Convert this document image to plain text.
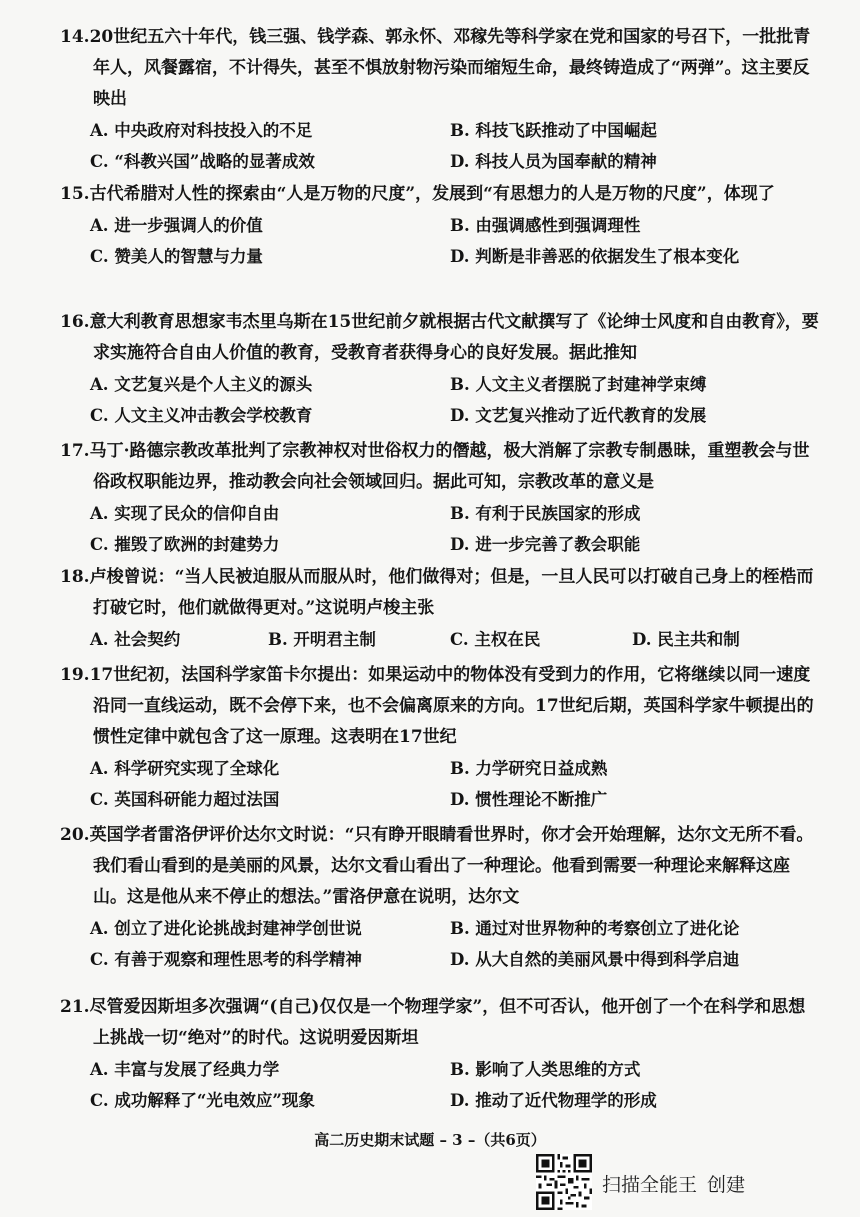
14.20世纪五六十年代，钱三强、钱学森、郭永怀、邓稼先等科学家在党和国家的号召下，一批批青年人，风餐露宿，不计得失，甚至不惧放射物污染而缩短生命，最终铸造成了“两弹”。这主要反映出

A. 中央政府对科技投入的不足	B. 科技飞跃推动了中国崛起
C. “科教兴国”战略的显著成效	D. 科技人员为国奉献的精神

15.古代希腊对人性的探索由“人是万物的尺度”，发展到“有思想力的人是万物的尺度”，体现了

A. 进一步强调人的价值	B. 由强调感性到强调理性
C. 赞美人的智慧与力量	D. 判断是非善恶的依据发生了根本变化

16.意大利教育思想家韦杰里乌斯在15世纪前夕就根据古代文献撰写了《论绅士风度和自由教育》，要求实施符合自由人价值的教育，受教育者获得身心的良好发展。据此推知

A. 文艺复兴是个人主义的源头	B. 人文主义者摆脱了封建神学束缚
C. 人文主义冲击教会学校教育	D. 文艺复兴推动了近代教育的发展

17.马丁·路德宗教改革批判了宗教神权对世俗权力的僭越，极大消解了宗教专制愚昧，重塑教会与世俗政权职能边界，推动教会向社会领域回归。据此可知，宗教改革的意义是

A. 实现了民众的信仰自由	B. 有利于民族国家的形成
C. 摧毁了欧洲的封建势力	D. 进一步完善了教会职能

18.卢梭曾说：“当人民被迫服从而服从时，他们做得对；但是，一旦人民可以打破自己身上的桎梏而打破它时，他们就做得更对。”这说明卢梭主张

A. 社会契约	B. 开明君主制	C. 主权在民	D. 民主共和制

19.17世纪初，法国科学家笛卡尔提出：如果运动中的物体没有受到力的作用，它将继续以同一速度沿同一直线运动，既不会停下来，也不会偏离原来的方向。17世纪后期，英国科学家牛顿提出的惯性定律中就包含了这一原理。这表明在17世纪

A. 科学研究实现了全球化	B. 力学研究日益成熟
C. 英国科研能力超过法国	D. 惯性理论不断推广

20.英国学者雷洛伊评价达尔文时说：“只有睁开眼睛看世界时，你才会开始理解，达尔文无所不看。我们看山看到的是美丽的风景，达尔文看山看出了一种理论。他看到需要一种理论来解释这座山。这是他从来不停止的想法。”雷洛伊意在说明，达尔文

A. 创立了进化论挑战封建神学创世说	B. 通过对世界物种的考察创立了进化论
C. 有善于观察和理性思考的科学精神	D. 从大自然的美丽风景中得到科学启迪

21.尽管爱因斯坦多次强调“(自己)仅仅是一个物理学家”，但不可否认，他开创了一个在科学和思想上挑战一切“绝对”的时代。这说明爱因斯坦

A. 丰富与发展了经典力学	B. 影响了人类思维的方式
C. 成功解释了“光电效应”现象	D. 推动了近代物理学的形成
高二历史期末试题 – 3 –（共6页）
扫描全能王 创建
